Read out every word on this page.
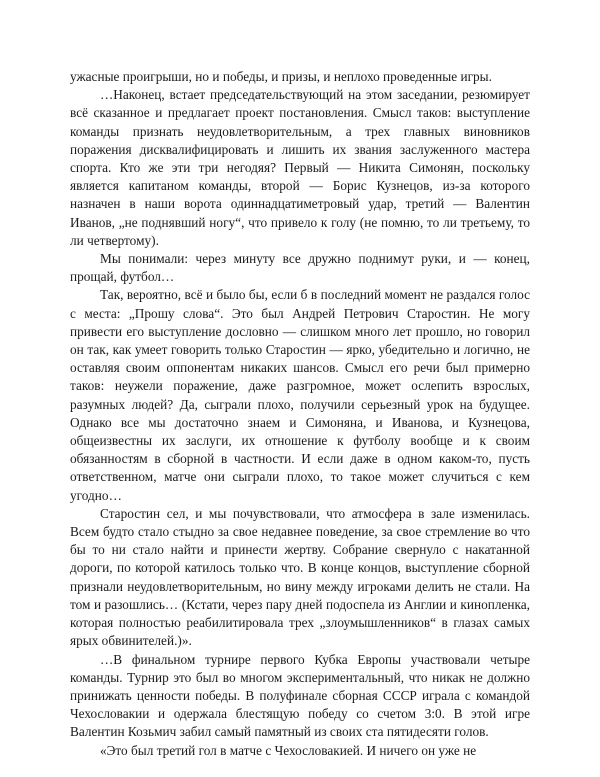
ужасные проигрыши, но и победы, и призы, и неплохо проведенные игры.

…Наконец, встает председательствующий на этом заседании, резюмирует всё сказанное и предлагает проект постановления. Смысл таков: выступление команды признать неудовлетворительным, а трех главных виновников поражения дисквалифицировать и лишить их звания заслуженного мастера спорта. Кто же эти три негодяя? Первый — Никита Симонян, поскольку является капитаном команды, второй — Борис Кузнецов, из-за которого назначен в наши ворота одиннадцатиметровый удар, третий — Валентин Иванов, „не поднявший ногу“, что привело к голу (не помню, то ли третьему, то ли четвертому).

Мы понимали: через минуту все дружно поднимут руки, и — конец, прощай, футбол…

Так, вероятно, всё и было бы, если б в последний момент не раздался голос с места: „Прошу слова“. Это был Андрей Петрович Старостин. Не могу привести его выступление дословно — слишком много лет прошло, но говорил он так, как умеет говорить только Старостин — ярко, убедительно и логично, не оставляя своим оппонентам никаких шансов. Смысл его речи был примерно таков: неужели поражение, даже разгромное, может ослепить взрослых, разумных людей? Да, сыграли плохо, получили серьезный урок на будущее. Однако все мы достаточно знаем и Симоняна, и Иванова, и Кузнецова, общеизвестны их заслуги, их отношение к футболу вообще и к своим обязанностям в сборной в частности. И если даже в одном каком-то, пусть ответственном, матче они сыграли плохо, то такое может случиться с кем угодно…

Старостин сел, и мы почувствовали, что атмосфера в зале изменилась. Всем будто стало стыдно за свое недавнее поведение, за свое стремление во что бы то ни стало найти и принести жертву. Собрание свернуло с накатанной дороги, по которой катилось только что. В конце концов, выступление сборной признали неудовлетворительным, но вину между игроками делить не стали. На том и разошлись… (Кстати, через пару дней подоспела из Англии и кинопленка, которая полностью реабилитировала трех „злоумышленников“ в глазах самых ярых обвинителей.)».

…В финальном турнире первого Кубка Европы участвовали четыре команды. Турнир это был во многом экспериментальный, что никак не должно принижать ценности победы. В полуфинале сборная СССР играла с командой Чехословакии и одержала блестящую победу со счетом 3:0. В этой игре Валентин Козьмич забил самый памятный из своих ста пятидесяти голов.

«Это был третий гол в матче с Чехословакией. И ничего он уже не
